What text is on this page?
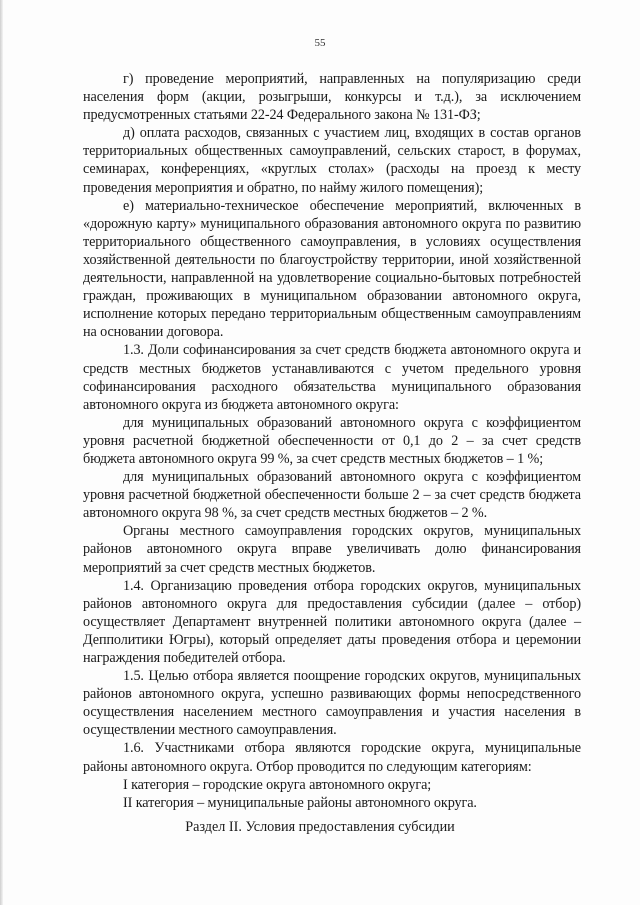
55

г) проведение мероприятий, направленных на популяризацию среди населения форм (акции, розыгрыши, конкурсы и т.д.), за исключением предусмотренных статьями 22-24 Федерального закона № 131-ФЗ;

д) оплата расходов, связанных с участием лиц, входящих в состав органов территориальных общественных самоуправлений, сельских старост, в форумах, семинарах, конференциях, «круглых столах» (расходы на проезд к месту проведения мероприятия и обратно, по найму жилого помещения);

е) материально-техническое обеспечение мероприятий, включенных в «дорожную карту» муниципального образования автономного округа по развитию территориального общественного самоуправления, в условиях осуществления хозяйственной деятельности по благоустройству территории, иной хозяйственной деятельности, направленной на удовлетворение социально-бытовых потребностей граждан, проживающих в муниципальном образовании автономного округа, исполнение которых передано территориальным общественным самоуправлениям на основании договора.

1.3. Доли софинансирования за счет средств бюджета автономного округа и средств местных бюджетов устанавливаются с учетом предельного уровня софинансирования расходного обязательства муниципального образования автономного округа из бюджета автономного округа:

для муниципальных образований автономного округа с коэффициентом уровня расчетной бюджетной обеспеченности от 0,1 до 2 – за счет средств бюджета автономного округа 99 %, за счет средств местных бюджетов – 1 %;

для муниципальных образований автономного округа с коэффициентом уровня расчетной бюджетной обеспеченности больше 2 – за счет средств бюджета автономного округа 98 %, за счет средств местных бюджетов – 2 %.

Органы местного самоуправления городских округов, муниципальных районов автономного округа вправе увеличивать долю финансирования мероприятий за счет средств местных бюджетов.

1.4. Организацию проведения отбора городских округов, муниципальных районов автономного округа для предоставления субсидии (далее – отбор) осуществляет Департамент внутренней политики автономного округа (далее – Депполитики Югры), который определяет даты проведения отбора и церемонии награждения победителей отбора.

1.5. Целью отбора является поощрение городских округов, муниципальных районов автономного округа, успешно развивающих формы непосредственного осуществления населением местного самоуправления и участия населения в осуществлении местного самоуправления.

1.6. Участниками отбора являются городские округа, муниципальные районы автономного округа. Отбор проводится по следующим категориям:

I категория – городские округа автономного округа;

II категория – муниципальные районы автономного округа.

Раздел II. Условия предоставления субсидии
